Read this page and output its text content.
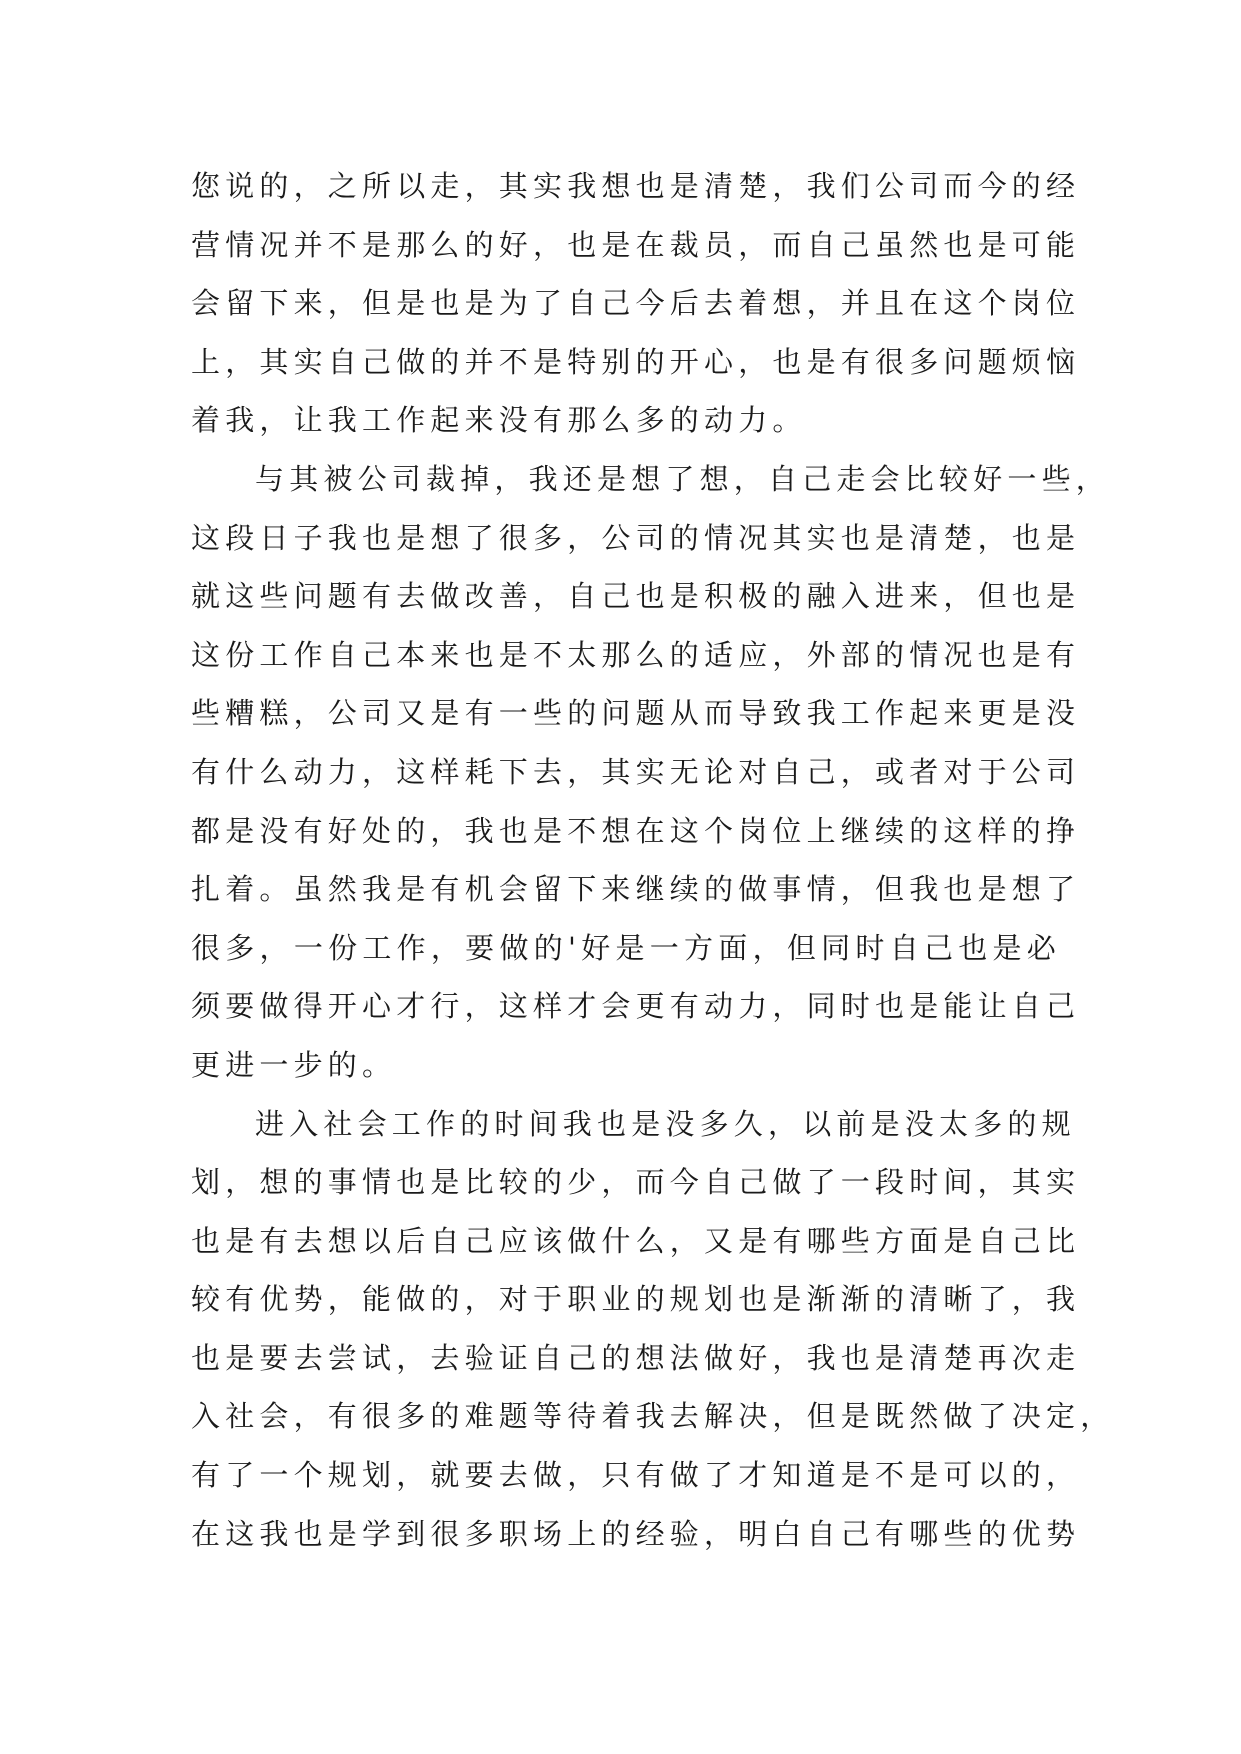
您说的，之所以走，其实我想也是清楚，我们公司而今的经
营情况并不是那么的好，也是在裁员，而自己虽然也是可能
会留下来，但是也是为了自己今后去着想，并且在这个岗位
上，其实自己做的并不是特别的开心，也是有很多问题烦恼
着我，让我工作起来没有那么多的动力。
与其被公司裁掉，我还是想了想，自己走会比较好一些，
这段日子我也是想了很多，公司的情况其实也是清楚，也是
就这些问题有去做改善，自己也是积极的融入进来，但也是
这份工作自己本来也是不太那么的适应，外部的情况也是有
些糟糕，公司又是有一些的问题从而导致我工作起来更是没
有什么动力，这样耗下去，其实无论对自己，或者对于公司
都是没有好处的，我也是不想在这个岗位上继续的这样的挣
扎着。虽然我是有机会留下来继续的做事情，但我也是想了
很多，一份工作，要做的'好是一方面，但同时自己也是必
须要做得开心才行，这样才会更有动力，同时也是能让自己
更进一步的。
进入社会工作的时间我也是没多久，以前是没太多的规
划，想的事情也是比较的少，而今自己做了一段时间，其实
也是有去想以后自己应该做什么，又是有哪些方面是自己比
较有优势，能做的，对于职业的规划也是渐渐的清晰了，我
也是要去尝试，去验证自己的想法做好，我也是清楚再次走
入社会，有很多的难题等待着我去解决，但是既然做了决定，
有了一个规划，就要去做，只有做了才知道是不是可以的，
在这我也是学到很多职场上的经验，明白自己有哪些的优势
